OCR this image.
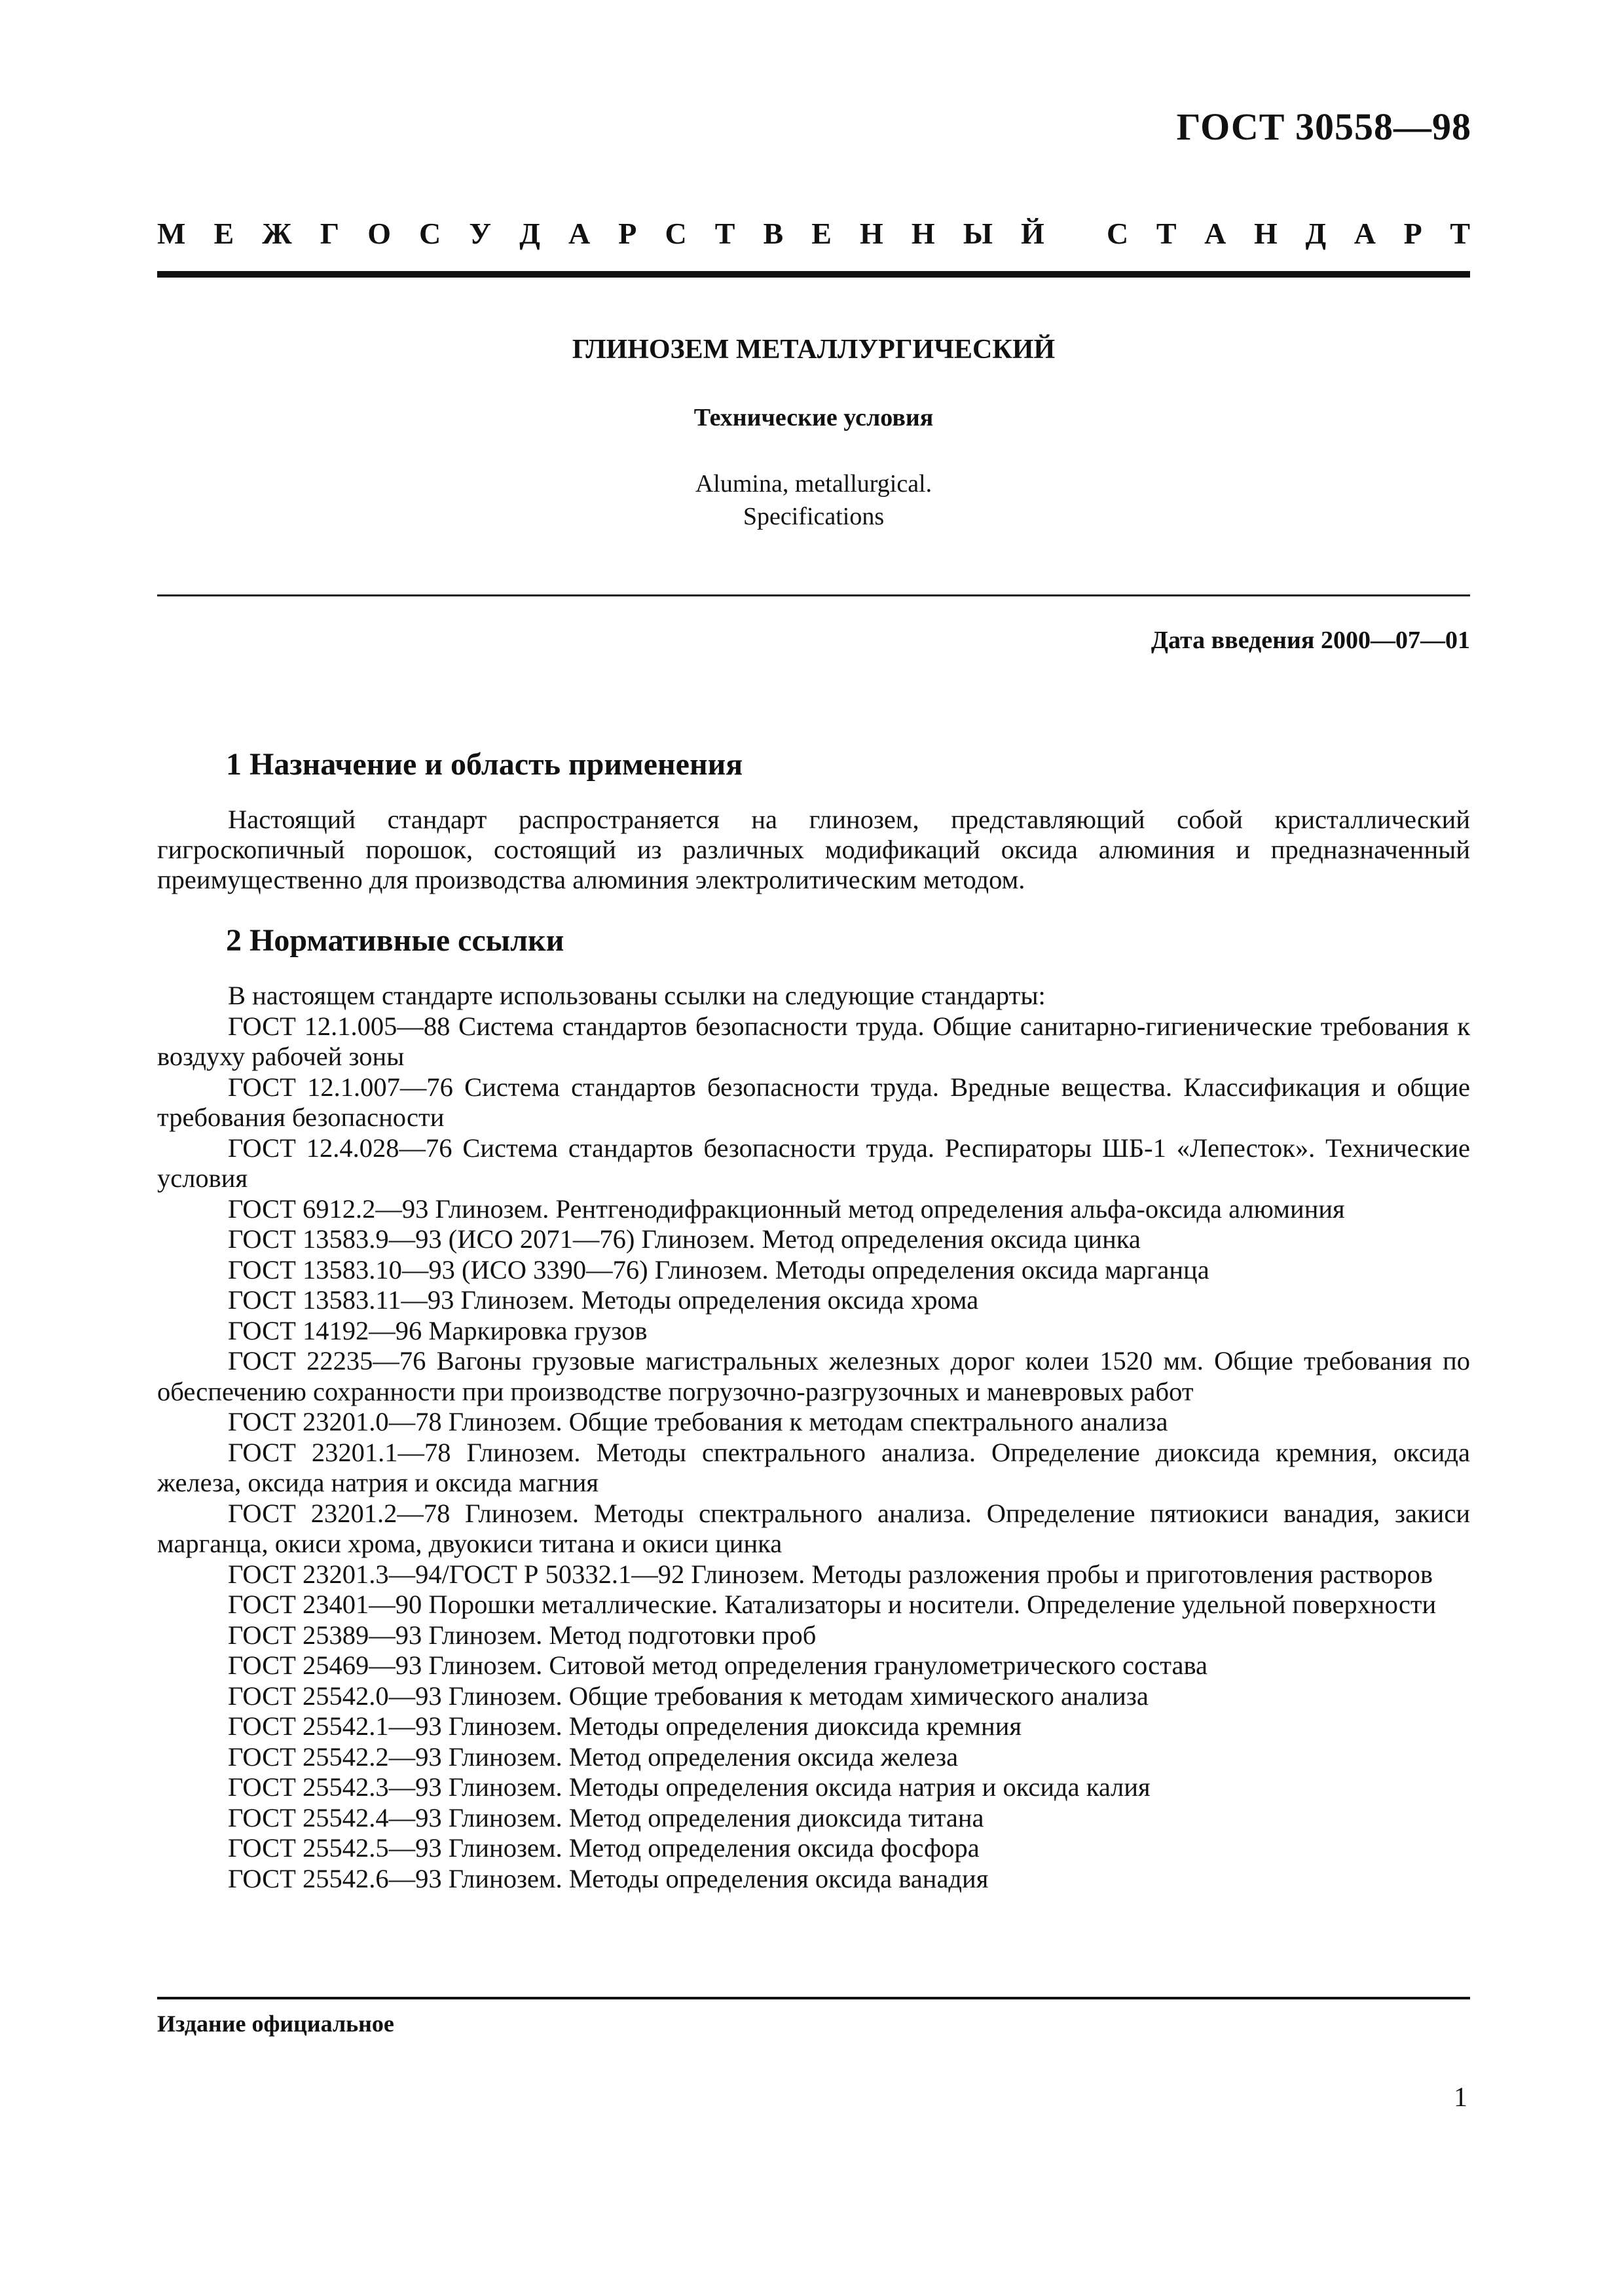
ГОСТ 30558—98
М Е Ж Г О С У Д А Р С Т В Е Н Н Ы Й С Т А Н Д А Р Т
ГЛИНОЗЕМ МЕТАЛЛУРГИЧЕСКИЙ
Технические условия
Alumina, metallurgical.
Specifications
Дата введения 2000—07—01
1 Назначение и область применения

Настоящий стандарт распространяется на глинозем, представляющий собой кристаллический гигроскопичный порошок, состоящий из различных модификаций оксида алюминия и предназначенный преимущественно для производства алюминия электролитическим методом.

2 Нормативные ссылки

В настоящем стандарте использованы ссылки на следующие стандарты:

ГОСТ 12.1.005—88 Система стандартов безопасности труда. Общие санитарно-гигиенические требования к воздуху рабочей зоны

ГОСТ 12.1.007—76 Система стандартов безопасности труда. Вредные вещества. Классификация и общие требования безопасности

ГОСТ 12.4.028—76 Система стандартов безопасности труда. Респираторы ШБ-1 «Лепесток». Технические условия

ГОСТ 6912.2—93 Глинозем. Рентгенодифракционный метод определения альфа-оксида алюминия

ГОСТ 13583.9—93 (ИСО 2071—76) Глинозем. Метод определения оксида цинка

ГОСТ 13583.10—93 (ИСО 3390—76) Глинозем. Методы определения оксида марганца

ГОСТ 13583.11—93 Глинозем. Методы определения оксида хрома

ГОСТ 14192—96 Маркировка грузов

ГОСТ 22235—76 Вагоны грузовые магистральных железных дорог колеи 1520 мм. Общие требования по обеспечению сохранности при производстве погрузочно-разгрузочных и маневровых работ

ГОСТ 23201.0—78 Глинозем. Общие требования к методам спектрального анализа

ГОСТ 23201.1—78 Глинозем. Методы спектрального анализа. Определение диоксида кремния, оксида железа, оксида натрия и оксида магния

ГОСТ 23201.2—78 Глинозем. Методы спектрального анализа. Определение пятиокиси ванадия, закиси марганца, окиси хрома, двуокиси титана и окиси цинка

ГОСТ 23201.3—94/ГОСТ Р 50332.1—92 Глинозем. Методы разложения пробы и приготовления растворов

ГОСТ 23401—90 Порошки металлические. Катализаторы и носители. Определение удельной поверхности

ГОСТ 25389—93 Глинозем. Метод подготовки проб

ГОСТ 25469—93 Глинозем. Ситовой метод определения гранулометрического состава

ГОСТ 25542.0—93 Глинозем. Общие требования к методам химического анализа

ГОСТ 25542.1—93 Глинозем. Методы определения диоксида кремния

ГОСТ 25542.2—93 Глинозем. Метод определения оксида железа

ГОСТ 25542.3—93 Глинозем. Методы определения оксида натрия и оксида калия

ГОСТ 25542.4—93 Глинозем. Метод определения диоксида титана

ГОСТ 25542.5—93 Глинозем. Метод определения оксида фосфора

ГОСТ 25542.6—93 Глинозем. Методы определения оксида ванадия

Издание официальное
1
